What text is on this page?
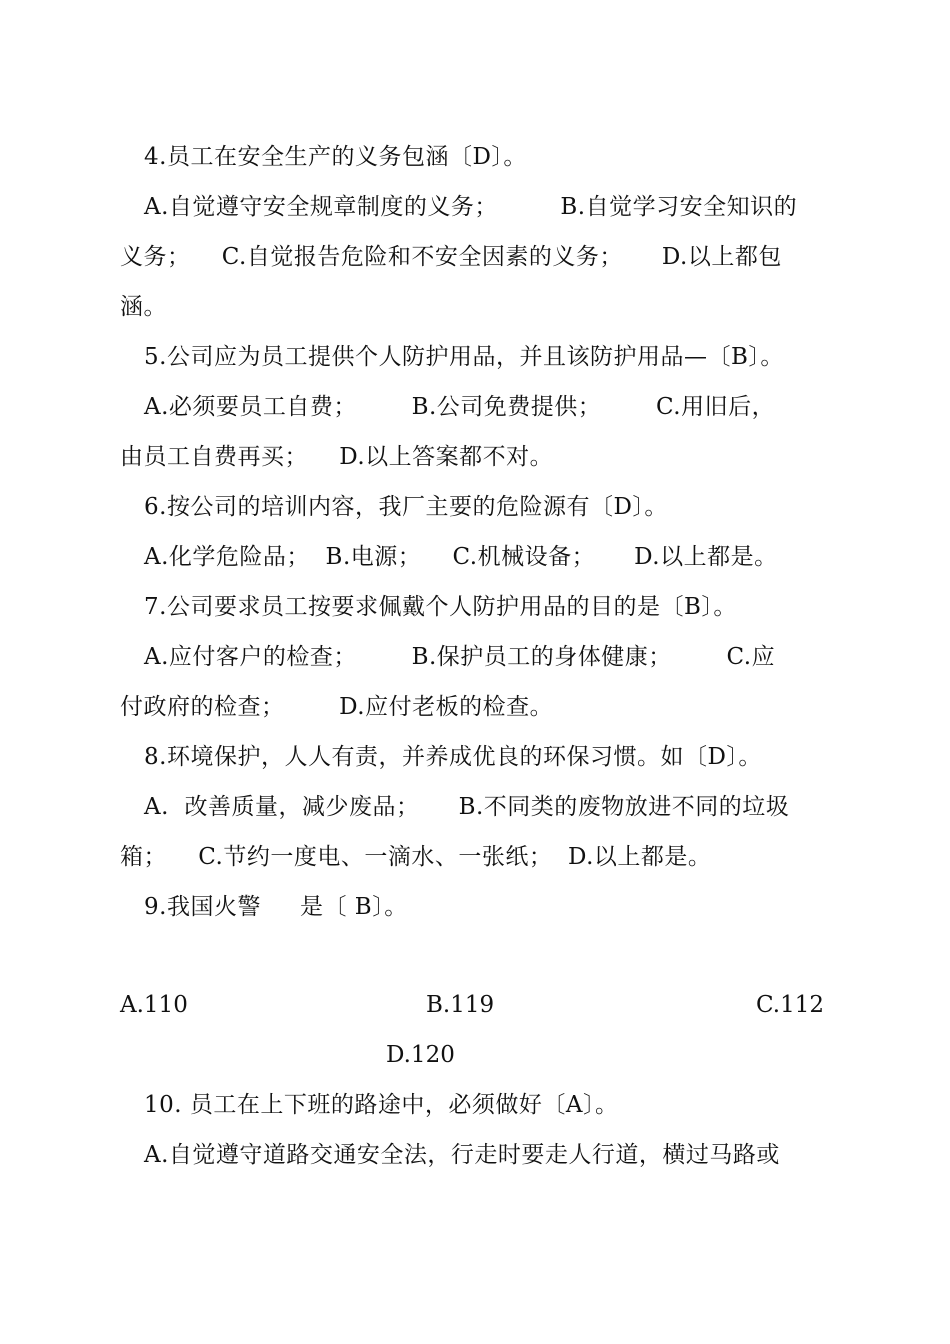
4.员工在安全生产的义务包涵〔D〕。
A.自觉遵守安全规章制度的义务；        B.自觉学习安全知识的
义务；    C.自觉报告危险和不安全因素的义务；     D.以上都包
涵。
5.公司应为员工提供个人防护用品，并且该防护用品—〔B〕。
A.必须要员工自费；       B.公司免费提供；       C.用旧后，
由员工自费再买；    D.以上答案都不对。
6.按公司的培训内容，我厂主要的危险源有〔D〕。
A.化学危险品；  B.电源；    C.机械设备；     D.以上都是。
7.公司要求员工按要求佩戴个人防护用品的目的是〔B〕。
A.应付客户的检查；       B.保护员工的身体健康；       C.应
付政府的检查；       D.应付老板的检查。
8.环境保护，人人有责，并养成优良的环保习惯。如〔D〕。
A.  改善质量，减少废品；     B.不同类的废物放进不同的垃圾
箱；    C.节约一度电、一滴水、一张纸；  D.以上都是。
9.我国火警     是〔 B〕。
A.110	B.119	C.112
D.120
10. 员工在上下班的路途中，必须做好〔A〕。
A.自觉遵守道路交通安全法，行走时要走人行道，横过马路或
